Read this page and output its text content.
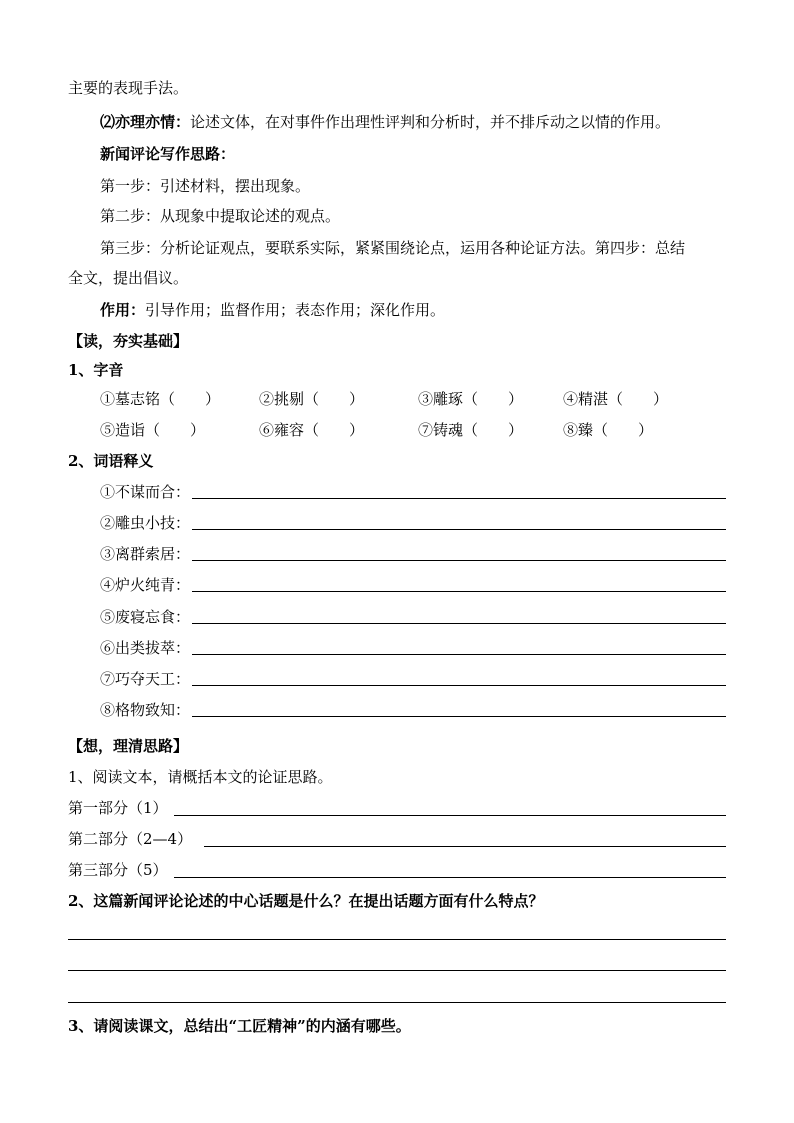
主要的表现手法。
⑵亦理亦情：论述文体，在对事件作出理性评判和分析时，并不排斥动之以情的作用。
新闻评论写作思路：
第一步：引述材料，摆出现象。
第二步：从现象中提取论述的观点。
第三步：分析论证观点，要联系实际，紧紧围绕论点，运用各种论证方法。第四步：总结
全文，提出倡议。
作用：引导作用；监督作用；表态作用；深化作用。
【读，夯实基础】
1、字音
①墓志铭（　　）	②挑剔（　　）	③雕琢（　　）	④精湛（　　）
⑤造诣（　　）	⑥雍容（　　）	⑦铸魂（　　）	⑧臻（　　）
2、词语释义
①不谋而合：
②雕虫小技：
③离群索居：
④炉火纯青：
⑤废寝忘食：
⑥出类拔萃：
⑦巧夺天工：
⑧格物致知：
【想，理清思路】
1、阅读文本，请概括本文的论证思路。
第一部分（1）
第二部分（2—4）
第三部分（5）
2、这篇新闻评论论述的中心话题是什么？在提出话题方面有什么特点？
3、请阅读课文，总结出“工匠精神”的内涵有哪些。
